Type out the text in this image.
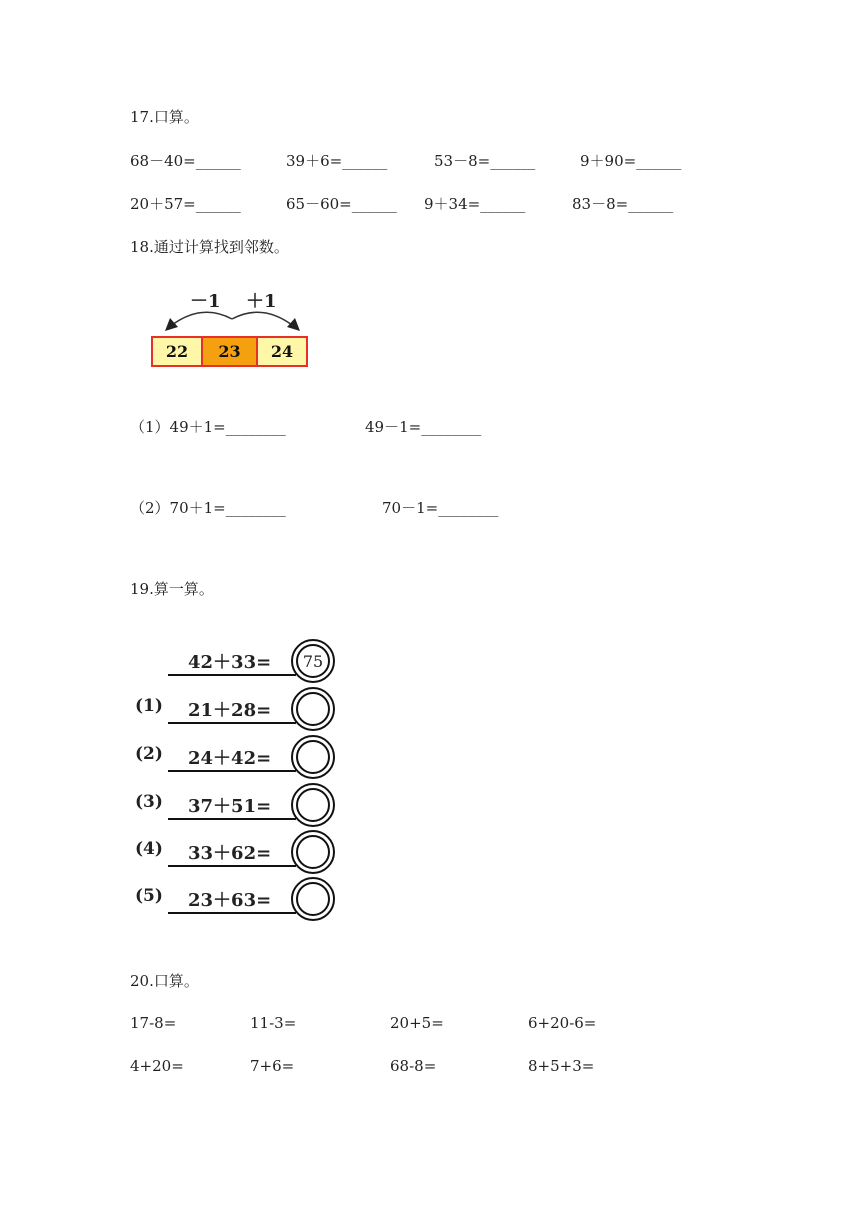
17.口算。
68－40=______	39＋6=______	53－8=______	9＋90=______
20＋57=______	65－60=______ 9＋34=______	83－8=______
18.通过计算找到邻数。
－1 ＋1
22	23	24
（1）49＋1=________	49－1=________
（2）70＋1=________	70－1=________
19.算一算。
42＋33=	75
(1) 21＋28=
(2) 24＋42=
(3) 37＋51=
(4) 33＋62=
(5) 23＋63=
20.口算。
17-8=	11-3=	20+5=	6+20-6=
4+20=	7+6=	68-8=	8+5+3=
